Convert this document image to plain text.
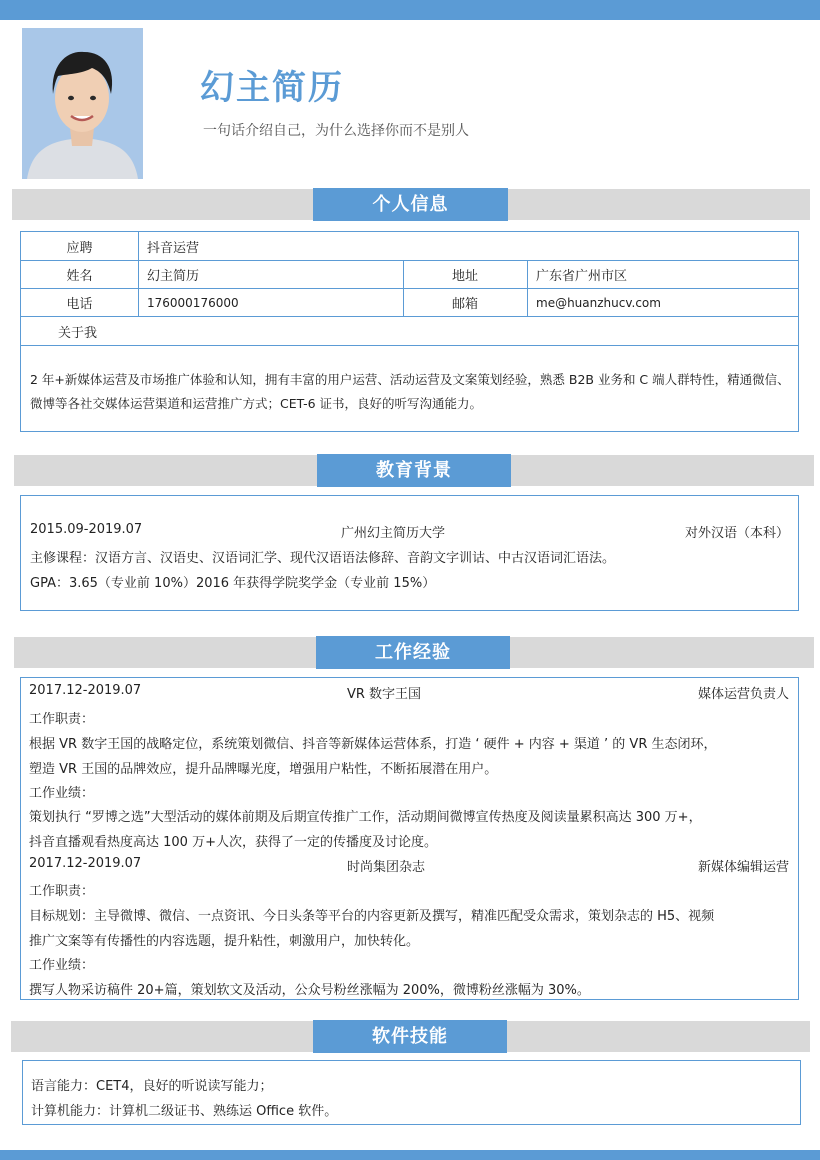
幻主简历
一句话介绍自己，为什么选择你而不是别人
个人信息
应聘	抖音运营
姓名	幻主简历	地址	广东省广州市区
电话	176000176000	邮箱	me@huanzhucv.com
关于我
2 年+新媒体运营及市场推广体验和认知，拥有丰富的用户运营、活动运营及文案策划经验，熟悉 B2B 业务和 C 端人群特性，精通微信、微博等各社交媒体运营渠道和运营推广方式；CET-6 证书，良好的听写沟通能力。
教育背景
2015.09-2019.07	广州幻主简历大学	对外汉语（本科）
主修课程：汉语方言、汉语史、汉语词汇学、现代汉语语法修辞、音韵文字训诂、中古汉语词汇语法。
GPA：3.65（专业前 10%）2016 年获得学院奖学金（专业前 15%）
工作经验
2017.12-2019.07	VR 数字王国	媒体运营负责人
工作职责：
根据 VR 数字王国的战略定位，系统策划微信、抖音等新媒体运营体系，打造 ‘ 硬件 + 内容 + 渠道 ’ 的 VR 生态闭环，
塑造 VR 王国的品牌效应，提升品牌曝光度，增强用户粘性，不断拓展潜在用户。
工作业绩：
策划执行 “罗博之选”大型活动的媒体前期及后期宣传推广工作，活动期间微博宣传热度及阅读量累积高达 300 万+，
抖音直播观看热度高达 100 万+人次，获得了一定的传播度及讨论度。
2017.12-2019.07	时尚集团杂志	新媒体编辑运营
工作职责：
目标规划：主导微博、微信、一点资讯、今日头条等平台的内容更新及撰写，精准匹配受众需求，策划杂志的 H5、视频
推广文案等有传播性的内容选题，提升粘性，刺激用户，加快转化。
工作业绩：
撰写人物采访稿件 20+篇，策划软文及活动，公众号粉丝涨幅为 200%，微博粉丝涨幅为 30%。
软件技能
语言能力：CET4，良好的听说读写能力；
计算机能力：计算机二级证书、熟练运 Office 软件。
